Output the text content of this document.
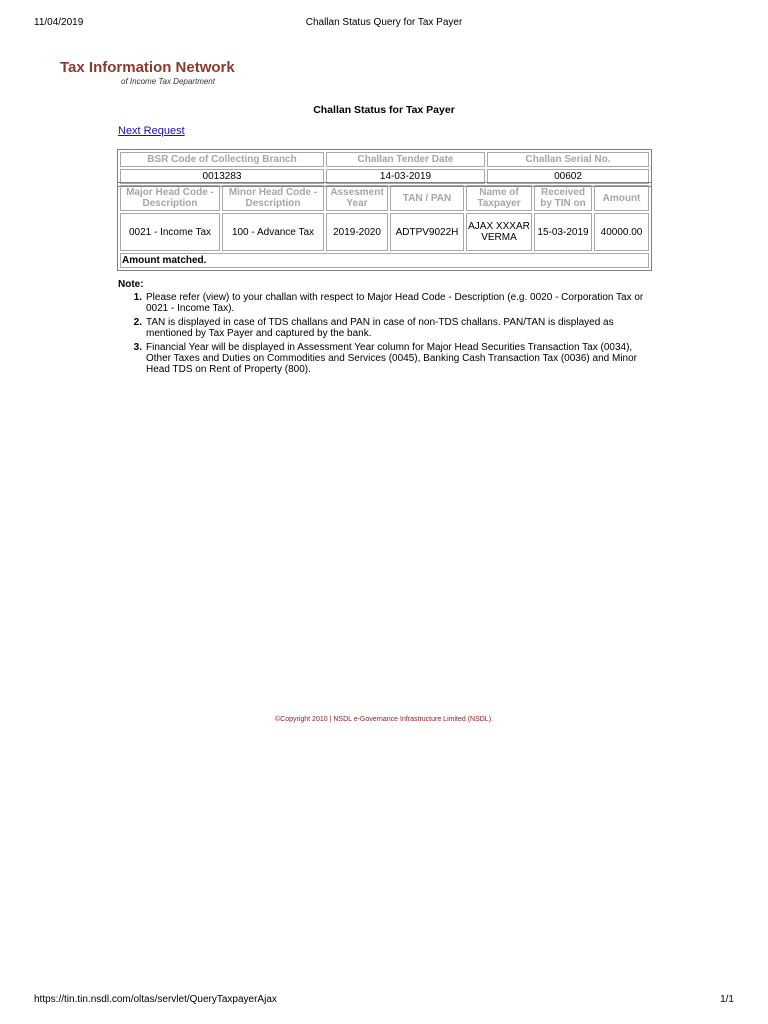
11/04/2019	Challan Status Query for Tax Payer
Tax Information Network
of Income Tax Department
Challan Status for Tax Payer
Next Request
BSR Code of Collecting Branch	Challan Tender Date	Challan Serial No.
0013283	14-03-2019	00602
Major Head Code - Description	Minor Head Code - Description	Assesment Year	TAN / PAN	Name of Taxpayer	Received by TIN on	Amount
0021 - Income Tax	100 - Advance Tax	2019-2020	ADTPV9022H	AJAX XXXAR VERMA	15-03-2019	40000.00
Amount matched.						
Note:
1. Please refer (view) to your challan with respect to Major Head Code - Description (e.g. 0020 - Corporation Tax or 0021 - Income Tax).
2. TAN is displayed in case of TDS challans and PAN in case of non-TDS challans. PAN/TAN is displayed as mentioned by Tax Payer and captured by the bank.
3. Financial Year will be displayed in Assessment Year column for Major Head Securities Transaction Tax (0034), Other Taxes and Duties on Commodities and Services (0045), Banking Cash Transaction Tax (0036) and Minor Head TDS on Rent of Property (800).
©Copyright 2010 | NSDL e-Governance Infrastructure Limited (NSDL).
https://tin.tin.nsdl.com/oltas/servlet/QueryTaxpayerAjax	1/1
